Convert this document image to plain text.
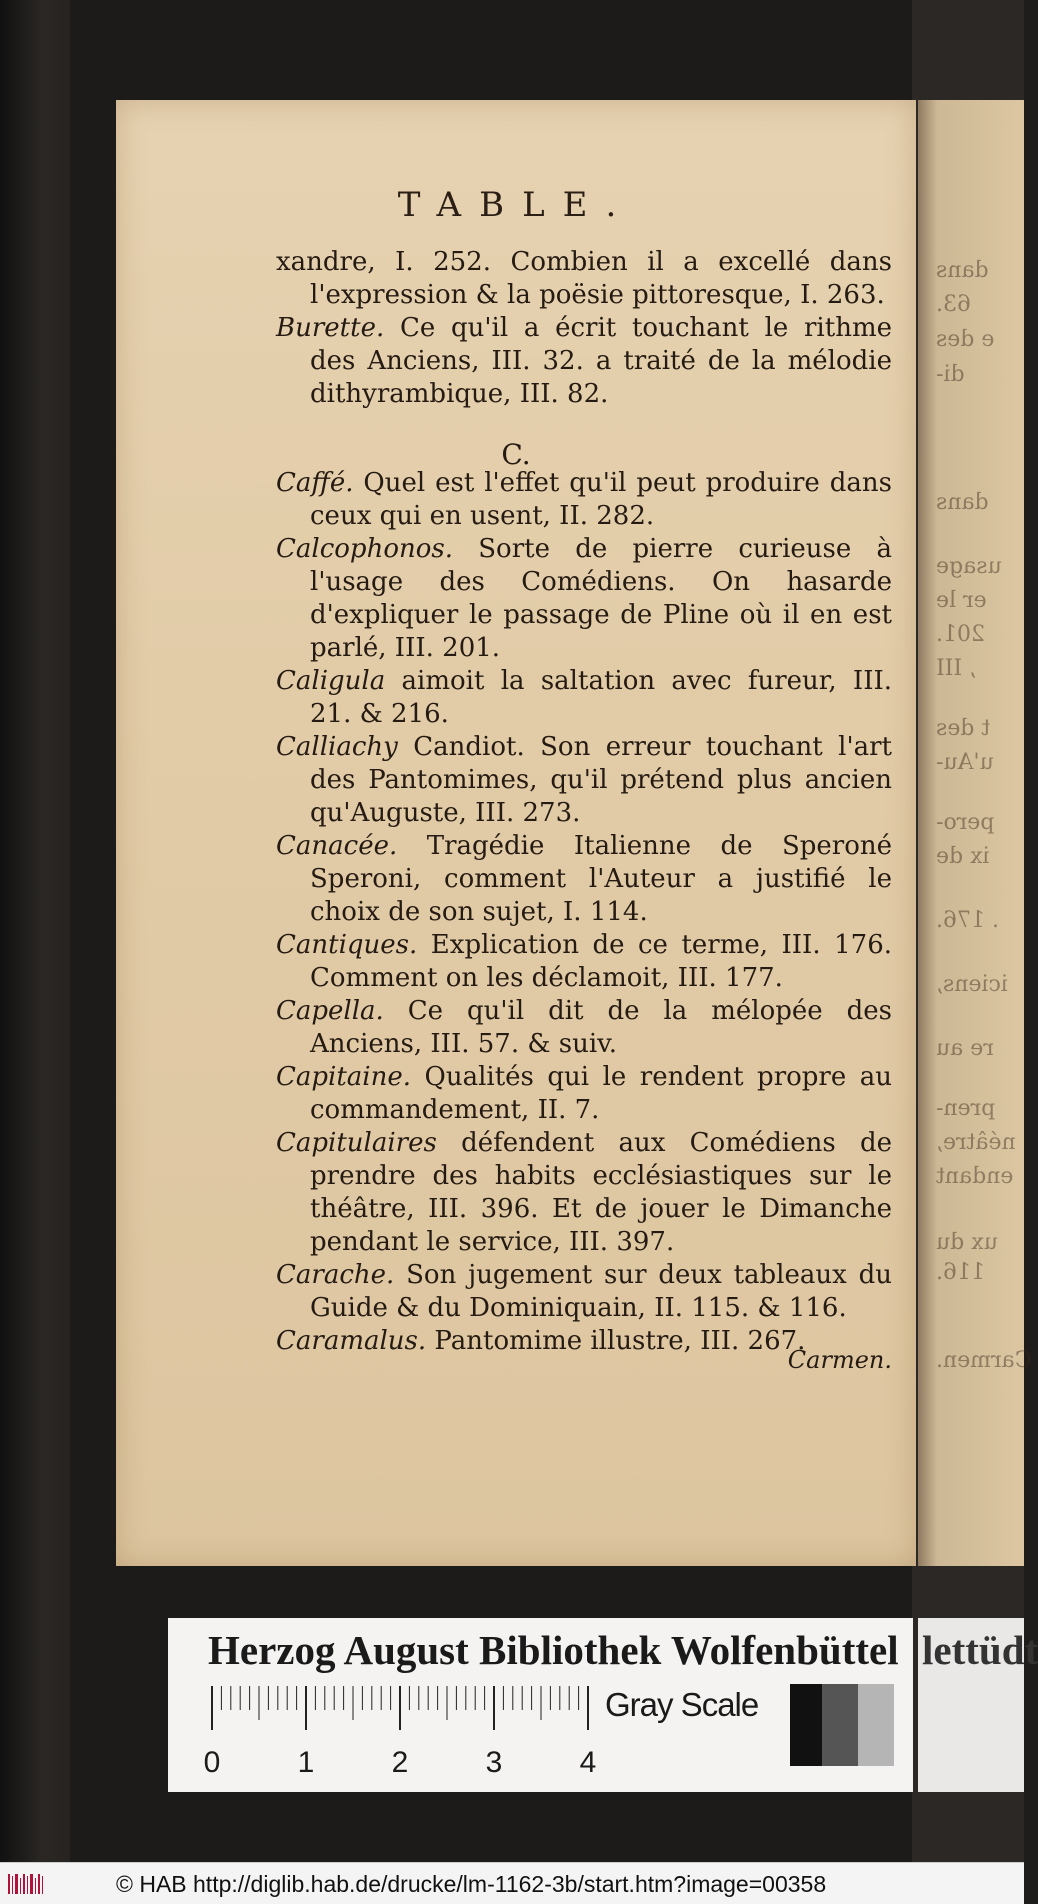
dans
63.
e des
di-
dans
usage
er le
201.
, III
t des
u'Au-
pero-
ix de
. 176.
iciens,
re au
pren-
néâtre,
endant
ux du
116.
Carmen.
TABLE.
xandre, I. 252. Combien il a excellé dans l'expression & la poësie pittoresque, I. 263.
Burette. Ce qu'il a écrit touchant le rithme des Anciens, III. 32. a traité de la mélodie dithyrambique, III. 82.
Caffé. Quel est l'effet qu'il peut produire dans ceux qui en usent, II. 282.
Calcophonos. Sorte de pierre curieuse à l'usage des Comédiens. On hasarde d'expliquer le passage de Pline où il en est parlé, III. 201.
Caligula aimoit la saltation avec fureur, III. 21. & 216.
Calliachy Candiot. Son erreur touchant l'art des Pantomimes, qu'il prétend plus ancien qu'Auguste, III. 273.
Canacée. Tragédie Italienne de Speroné Speroni, comment l'Auteur a justifié le choix de son sujet, I. 114.
Cantiques. Explication de ce terme, III. 176. Comment on les déclamoit, III. 177.
Capella. Ce qu'il dit de la mélopée des Anciens, III. 57. & suiv.
Capitaine. Qualités qui le rendent propre au commandement, II. 7.
Capitulaires défendent aux Comédiens de prendre des habits ecclésiastiques sur le théâtre, III. 396. Et de jouer le Dimanche pendant le service, III. 397.
Carache. Son jugement sur deux tableaux du Guide & du Dominiquain, II. 115. & 116.
Caramalus. Pantomime illustre, III. 267.
C.
Carmen.
Herzog August Bibliothek Wolfenbüttel
0	1	2	3	4
Gray Scale
lettüdt
© HAB http://diglib.hab.de/drucke/lm-1162-3b/start.htm?image=00358
